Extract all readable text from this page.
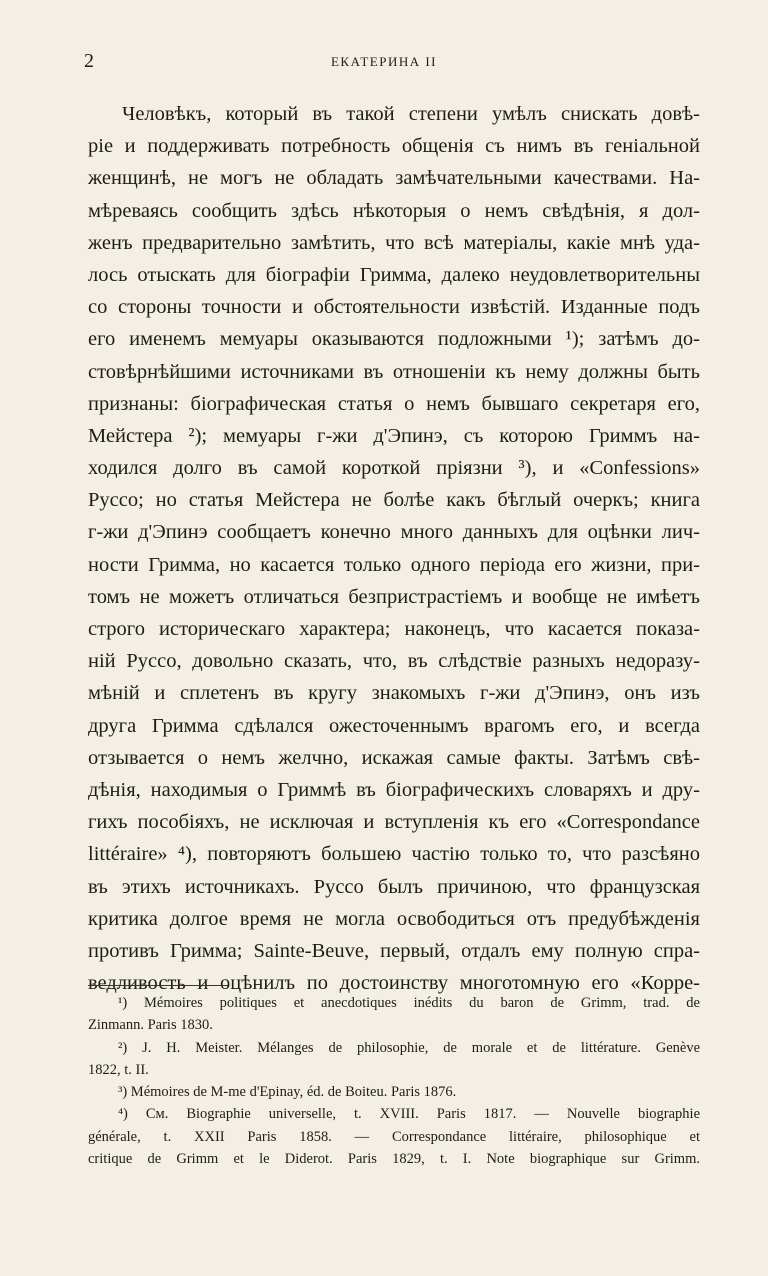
2	ЕКАТЕРИНА II
Человѣкъ, который въ такой степени умѣлъ снискать довѣ-
ріе и поддерживать потребность общенія съ нимъ въ геніальной
женщинѣ, не могъ не обладать замѣчательными качествами. На-
мѣреваясь сообщить здѣсь нѣкоторыя о немъ свѣдѣнія, я дол-
женъ предварительно замѣтить, что всѣ матеріалы, какіе мнѣ уда-
лось отыскать для біографіи Гримма, далеко неудовлетворительны
со стороны точности и обстоятельности извѣстій. Изданные подъ
его именемъ мемуары оказываются подложными ¹); затѣмъ до-
стовѣрнѣйшими источниками въ отношеніи къ нему должны быть
признаны: біографическая статья о немъ бывшаго секретаря его,
Мейстера ²); мемуары г-жи д'Эпинэ, съ которою Гриммъ на-
ходился долго въ самой короткой пріязни ³), и «Confessions»
Руссо; но статья Мейстера не болѣе какъ бѣглый очеркъ; книга
г-жи д'Эпинэ сообщаетъ конечно много данныхъ для оцѣнки лич-
ности Гримма, но касается только одного періода его жизни, при-
томъ не можетъ отличаться безпристрастіемъ и вообще не имѣетъ
строго историческаго характера; наконецъ, что касается показа-
ній Руссо, довольно сказать, что, въ слѣдствіе разныхъ недоразу-
мѣній и сплетенъ въ кругу знакомыхъ г-жи д'Эпинэ, онъ изъ
друга Гримма сдѣлался ожесточеннымъ врагомъ его, и всегда
отзывается о немъ желчно, искажая самые факты. Затѣмъ свѣ-
дѣнія, находимыя о Гриммѣ въ біографическихъ словаряхъ и дру-
гихъ пособіяхъ, не исключая и вступленія къ его «Correspondance
littéraire» ⁴), повторяютъ большею частію только то, что разсѣяно
въ этихъ источникахъ. Руссо былъ причиною, что французская
критика долгое время не могла освободиться отъ предубѣжденія
противъ Гримма; Sainte-Beuve, первый, отдалъ ему полную спра-
ведливость и оцѣнилъ по достоинству многотомную его «Корре-
¹) Mémoires politiques et anecdotiques inédits du baron de Grimm, trad. de
Zinmann. Paris 1830.
²) J. H. Meister. Mélanges de philosophie, de morale et de littérature. Genève
1822, t. II.
³) Mémoires de M-me d'Epinay, éd. de Boiteu. Paris 1876.
⁴) См. Biographie universelle, t. XVIII. Paris 1817. — Nouvelle biographie
générale, t. XXII Paris 1858. — Correspondance littéraire, philosophique et
critique de Grimm et le Diderot. Paris 1829, t. I. Note biographique sur Grimm.
